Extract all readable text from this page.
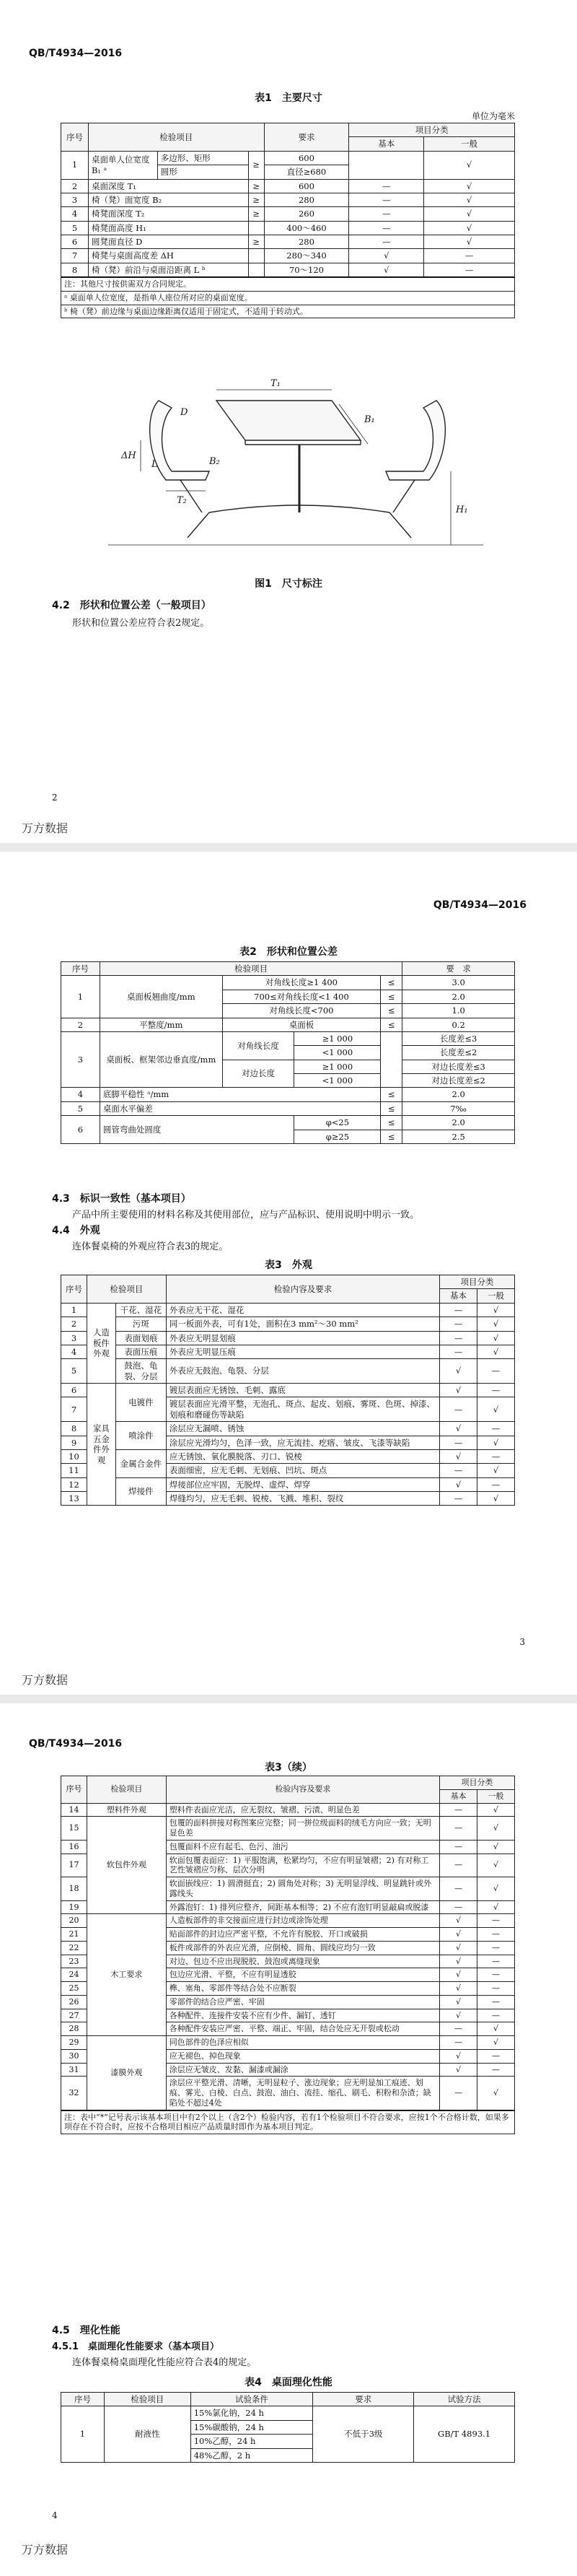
QB/T4934—2016
表1　主要尺寸
单位为毫米
序号	检验项目			要求	项目分类	
					基本	一般
1	桌面单人位宽度 B₁ ᵃ	多边形、矩形	≥	600		√
		圆形		直径≥680		
2	桌面深度 T₁		≥	600	—	√
3	椅（凳）面宽度 B₂		≥	280	—	√
4	椅凳面深度 T₂		≥	260	—	√
5	椅凳面高度 H₁			400～460	—	√
6	圆凳面直径 D		≥	280	—	√
7	椅凳与桌面高度差 ΔH			280～340	√	—
8	椅（凳）前沿与桌面沿距离 L ᵇ			70～120	√	—
注：其他尺寸按供需双方合同规定。						
ᵃ 桌面单人位宽度，是指单人座位所对应的桌面宽度。						
ᵇ 椅（凳）前边缘与桌面边缘距离仅适用于固定式，不适用于转动式。						
T₁
B₁
B₂
ΔH
L
D
T₂
H₁
图1　尺寸标注
4.2　形状和位置公差（一般项目）
形状和位置公差应符合表2规定。
2
万方数据
QB/T4934—2016
表2　形状和位置公差
序号	检验项目				要　求
1	桌面板翘曲度/mm	对角线长度≥1 400		≤	3.0
		700≤对角线长度<1 400		≤	2.0
		对角线长度<700		≤	1.0
2	平整度/mm	桌面板		≤	0.2
3	桌面板、框架邻边垂直度/mm	对角线长度	≥1 000		长度差≤3
			<1 000		长度差≤2
		对边长度	≥1 000		对边长度差≤3
			<1 000		对边长度差≤2
4	底脚平稳性 ᵃ/mm			≤	2.0
5	桌面水平偏差			≤	7‰
6	圆管弯曲处圆度		φ<25	≤	2.0
			φ≥25	≤	2.5
4.3　标识一致性（基本项目）
产品中所主要使用的材料名称及其使用部位，应与产品标识、使用说明中明示一致。
4.4　外观
连体餐桌椅的外观应符合表3的规定。
表3　外观
序号	检验项目		检验内容及要求	项目分类	
				基本	一般
1	人造板件外观	干花、湿花	外表应无干花、湿花	—	√
2		污斑	同一板面外表，可有1处，面积在3 mm²～30 mm²	—	√
3		表面划痕	外表应无明显划痕	—	√
4		表面压痕	外表应无明显压痕	—	√
5		鼓泡、龟裂、分层	外表应无鼓泡、龟裂、分层	√	—
6	家具五金件外观	电镀件	镀层表面应无锈蚀、毛刺、露底	√	—
7			镀层表面应光滑平整，无泡孔、斑点、起皮、划痕、雾斑、色斑、掉漆、划痕和磨碰伤等缺陷	—	√
8		喷涂件	涂层应无漏喷、锈蚀	√	—
9			涂层应光滑均匀，色泽一致，应无流挂、疙瘩、皱皮、飞漆等缺陷	—	√
10		金属合金件	应无锈蚀、氧化膜脱落、刃口、锐棱	√	—
11			表面细密，应无毛刺、无划痕、凹坑、斑点	—	√
12		焊接件	焊接部位应牢固，无脱焊、虚焊、焊穿	√	—
13			焊缝均匀，应无毛刺、锐棱、飞溅、堆积、裂纹	—	√
3
万方数据
QB/T4934—2016
表3（续）
序号	检验项目	检验内容及要求	项目分类	
			基本	一般
14	塑料件外观	塑料件表面应光洁，应无裂纹、皱褶、污渍、明显色差	—	√
15	软包件外观	包覆的面料拼接对称图案应完整；同一拼位级面料的绒毛方向应一致；无明显色差	—	√
16		包覆面料不应有起毛、色污、油污	—	√
17		软面包覆表面应：1) 平服饱满，松紧均匀，不应有明显皱褶；2) 有对称工艺性皱褶应匀称、层次分明	—	√
18		软面嵌线应：1) 圆滑挺直；2) 圆角处对称；3) 无明显浮线、明显跳针或外露线头	—	√
19		外露泡钉：1) 排列应整齐，间距基本相等；2) 不应有泡钉明显敲扁或脱漆	—	√
20	木工要求	人造板部件的非交接面应进行封边或涂饰处理	√	—
21		贴面部件的封边应严密平整，不允许有脱胶、开口或破损	√	—
22		板件或部件的外表应光滑，应倒棱、圆角、圆线应均匀一致	√	—
23		对边、包边不应出现脱胶、鼓泡或离缝现象	√	—
24		包边应光滑、平整，不应有明显透胶	√	—
25		榫、塞角、零部件等结合处不应断裂	√	—
26		零部件的结合应严密、牢固	√	—
27		各种配件、连接件安装不应有少件、漏钉、透钉	√	—
28		各种配件安装应严密、平整、端正、牢固，结合处应无开裂或松动	—	√
29	漆膜外观	同色部件的色泽应相似	—	√
30		应无褪色、掉色现象	√	—
31		涂层应无皱皮、发黏、漏漆或漏涂	√	—
32		涂层应平整光滑、清晰，无明显粒子、涨边现象；应无明显加工痕迹、划痕、雾光、白棱、白点、鼓泡、油白、流挂、缩孔、刷毛、积粉和杂渣；缺陷处不超过4处	—	√
注：表中“*”记号表示该基本项目中有2个以上（含2个）检验内容，若有1个检验项目不符合要求，应按1个不合格计数，如果多项存在不符合时，应按不合格项目相应产品质量时即作为基本项目判定。				
4.5　理化性能
4.5.1　桌面理化性能要求（基本项目）
连体餐桌椅桌面理化性能应符合表4的规定。
表4　桌面理化性能
序号	检验项目	试验条件	要求	试验方法
1	耐液性	15%氯化钠，24 h	不低于3级	GB/T 4893.1
		15%碳酸钠，24 h		
		10%乙醇，24 h		
		48%乙醇，2 h		
4
万方数据
